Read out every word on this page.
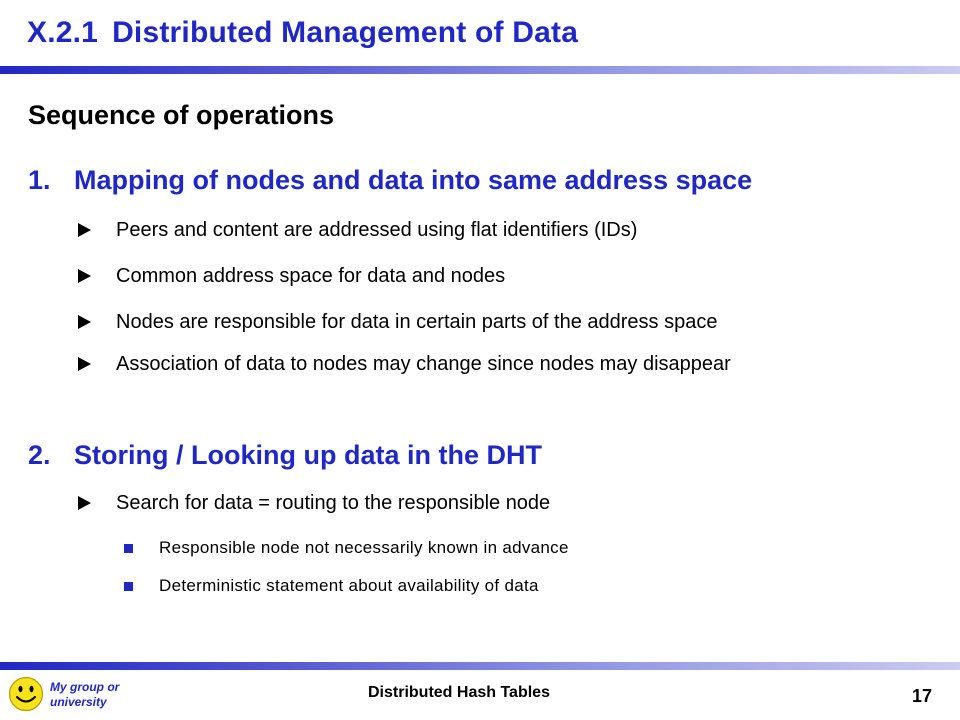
X.2.1 Distributed Management of Data
Sequence of operations
1. Mapping of nodes and data into same address space
Peers and content are addressed using flat identifiers (IDs)
Common address space for data and nodes
Nodes are responsible for data in certain parts of the address space
Association of data to nodes may change since nodes may disappear
2. Storing / Looking up data in the DHT
Search for data = routing to the responsible node
Responsible node not necessarily known in advance
Deterministic statement about availability of data
My group or
university
Distributed Hash Tables	17
